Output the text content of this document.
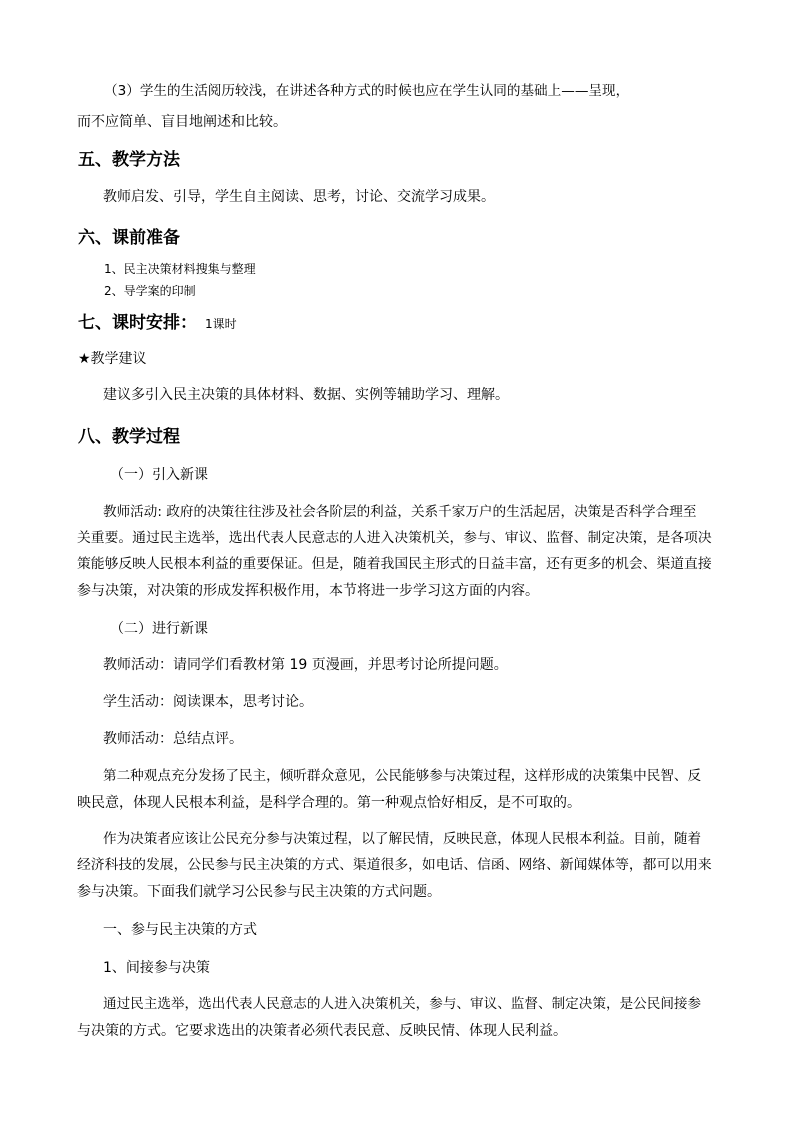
（3）学生的生活阅历较浅，在讲述各种方式的时候也应在学生认同的基础上——呈现，

而不应简单、盲目地阐述和比较。

五、教学方法

教师启发、引导，学生自主阅读、思考，讨论、交流学习成果。

六、课前准备

1、民主决策材料搜集与整理

2、导学案的印制

七、课时安排： 1课时

★教学建议

建议多引入民主决策的具体材料、数据、实例等辅助学习、理解。

八、教学过程

（一）引入新课

教师活动: 政府的决策往往涉及社会各阶层的利益，关系千家万户的生活起居，决策是否科学合理至

关重要。通过民主选举，选出代表人民意志的人进入决策机关，参与、审议、监督、制定决策，是各项决

策能够反映人民根本利益的重要保证。但是，随着我国民主形式的日益丰富，还有更多的机会、渠道直接

参与决策，对决策的形成发挥积极作用，本节将进一步学习这方面的内容。

（二）进行新课

教师活动：请同学们看教材第 19 页漫画，并思考讨论所提问题。

学生活动：阅读课本，思考讨论。

教师活动：总结点评。

第二种观点充分发扬了民主，倾听群众意见，公民能够参与决策过程，这样形成的决策集中民智、反

映民意，体现人民根本利益，是科学合理的。第一种观点恰好相反，是不可取的。

作为决策者应该让公民充分参与决策过程，以了解民情，反映民意，体现人民根本利益。目前，随着

经济科技的发展，公民参与民主决策的方式、渠道很多，如电话、信函、网络、新闻媒体等，都可以用来

参与决策。下面我们就学习公民参与民主决策的方式问题。

一、参与民主决策的方式

1、间接参与决策

通过民主选举，选出代表人民意志的人进入决策机关，参与、审议、监督、制定决策，是公民间接参

与决策的方式。它要求选出的决策者必须代表民意、反映民情、体现人民利益。
